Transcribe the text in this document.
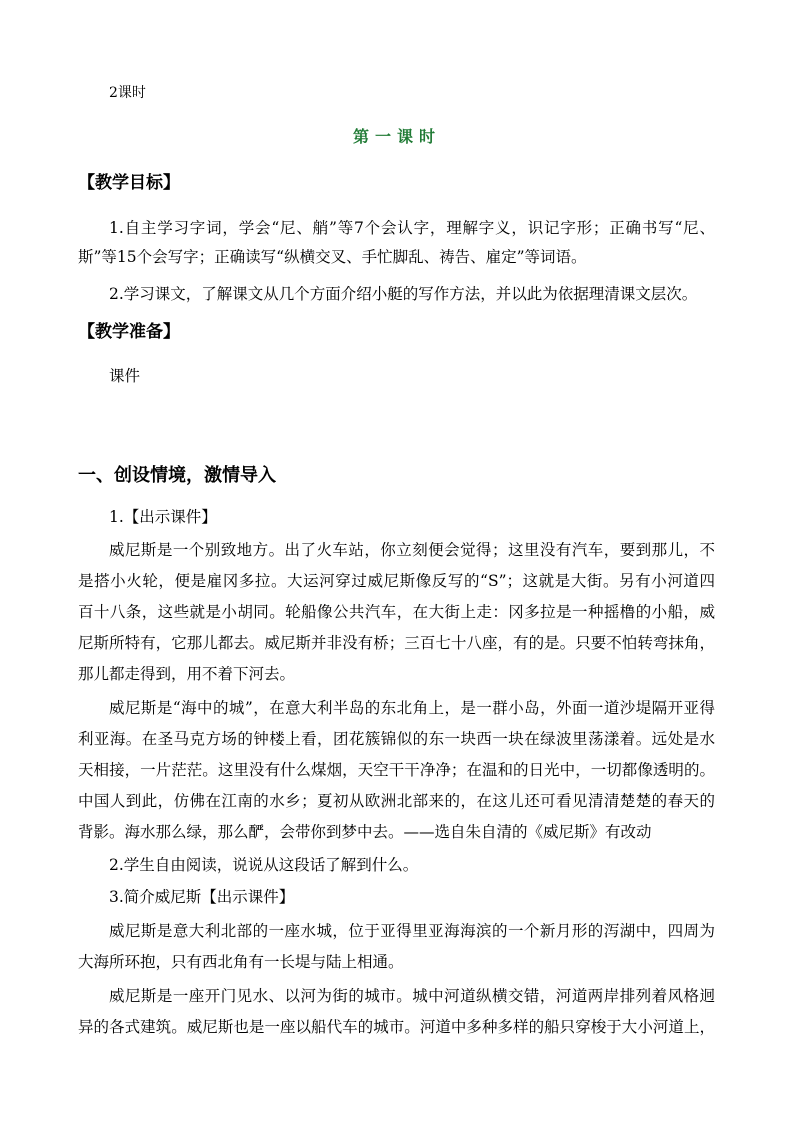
2课时
第一课时
【教学目标】
1.自主学习字词，学会“尼、艄”等7个会认字，理解字义，识记字形；正确书写“尼、
斯”等15个会写字；正确读写“纵横交叉、手忙脚乱、祷告、雇定”等词语。
2.学习课文，了解课文从几个方面介绍小艇的写作方法，并以此为依据理清课文层次。
【教学准备】
课件
一、创设情境，激情导入
1.【出示课件】
威尼斯是一个别致地方。出了火车站，你立刻便会觉得；这里没有汽车，要到那儿，不
是搭小火轮，便是雇冈多拉。大运河穿过威尼斯像反写的“S”；这就是大街。另有小河道四
百十八条，这些就是小胡同。轮船像公共汽车，在大街上走：冈多拉是一种摇橹的小船，威
尼斯所特有，它那儿都去。威尼斯并非没有桥；三百七十八座，有的是。只要不怕转弯抹角，
那儿都走得到，用不着下河去。
威尼斯是“海中的城”，在意大利半岛的东北角上，是一群小岛，外面一道沙堤隔开亚得
利亚海。在圣马克方场的钟楼上看，团花簇锦似的东一块西一块在绿波里荡漾着。远处是水
天相接，一片茫茫。这里没有什么煤烟，天空干干净净；在温和的日光中，一切都像透明的。
中国人到此，仿佛在江南的水乡；夏初从欧洲北部来的，在这儿还可看见清清楚楚的春天的
背影。海水那么绿，那么酽，会带你到梦中去。——选自朱自清的《威尼斯》有改动
2.学生自由阅读，说说从这段话了解到什么。
3.简介威尼斯【出示课件】
威尼斯是意大利北部的一座水城，位于亚得里亚海海滨的一个新月形的泻湖中，四周为
大海所环抱，只有西北角有一长堤与陆上相通。
威尼斯是一座开门见水、以河为街的城市。城中河道纵横交错，河道两岸排列着风格迥
异的各式建筑。威尼斯也是一座以船代车的城市。河道中多种多样的船只穿梭于大小河道上，
